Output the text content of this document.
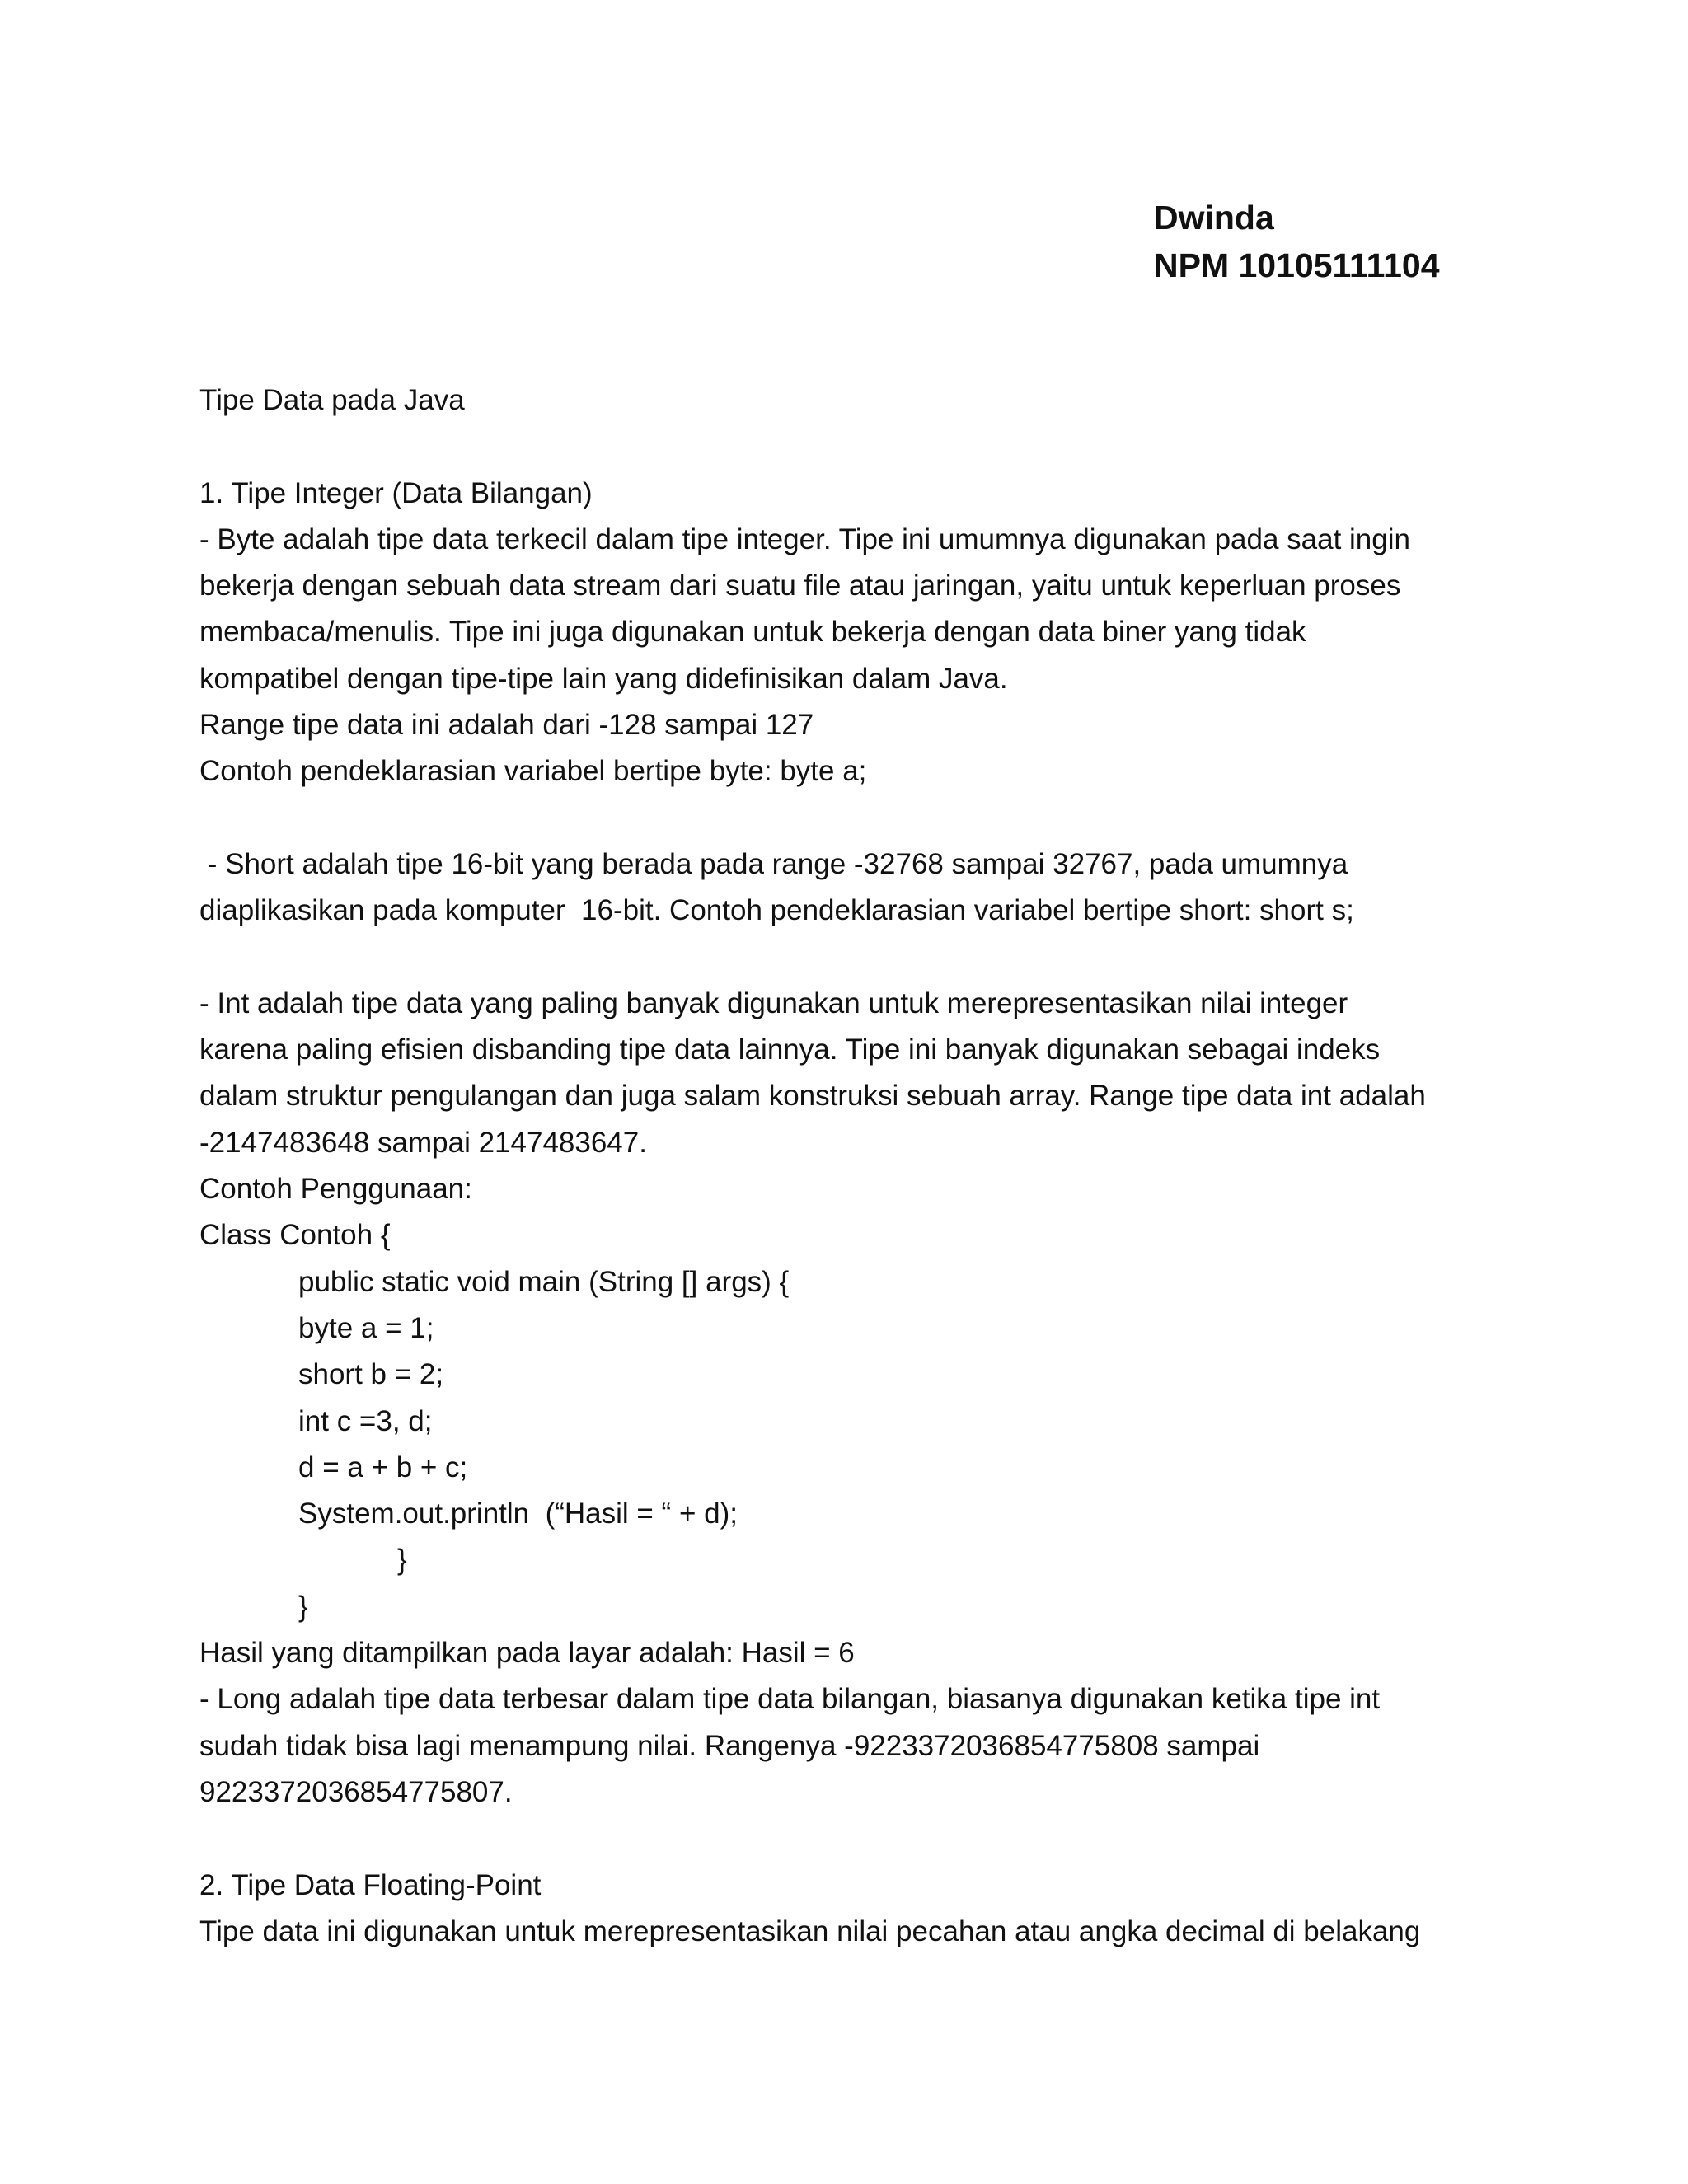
Dwinda
NPM 10105111104
Tipe Data pada Java
1. Tipe Integer (Data Bilangan)
- Byte adalah tipe data terkecil dalam tipe integer. Tipe ini umumnya digunakan pada saat ingin
bekerja dengan sebuah data stream dari suatu file atau jaringan, yaitu untuk keperluan proses
membaca/menulis. Tipe ini juga digunakan untuk bekerja dengan data biner yang tidak
kompatibel dengan tipe-tipe lain yang didefinisikan dalam Java.
Range tipe data ini adalah dari -128 sampai 127
Contoh pendeklarasian variabel bertipe byte: byte a;
- Short adalah tipe 16-bit yang berada pada range -32768 sampai 32767, pada umumnya
diaplikasikan pada komputer  16-bit. Contoh pendeklarasian variabel bertipe short: short s;
- Int adalah tipe data yang paling banyak digunakan untuk merepresentasikan nilai integer
karena paling efisien disbanding tipe data lainnya. Tipe ini banyak digunakan sebagai indeks
dalam struktur pengulangan dan juga salam konstruksi sebuah array. Range tipe data int adalah
-2147483648 sampai 2147483647.
Contoh Penggunaan:
Class Contoh {
public static void main (String [] args) {
byte a = 1;
short b = 2;
int c =3, d;
d = a + b + c;
System.out.println  (“Hasil = “ + d);
}
}
Hasil yang ditampilkan pada layar adalah: Hasil = 6
- Long adalah tipe data terbesar dalam tipe data bilangan, biasanya digunakan ketika tipe int
sudah tidak bisa lagi menampung nilai. Rangenya -9223372036854775808 sampai
9223372036854775807.
2. Tipe Data Floating-Point
Tipe data ini digunakan untuk merepresentasikan nilai pecahan atau angka decimal di belakang
